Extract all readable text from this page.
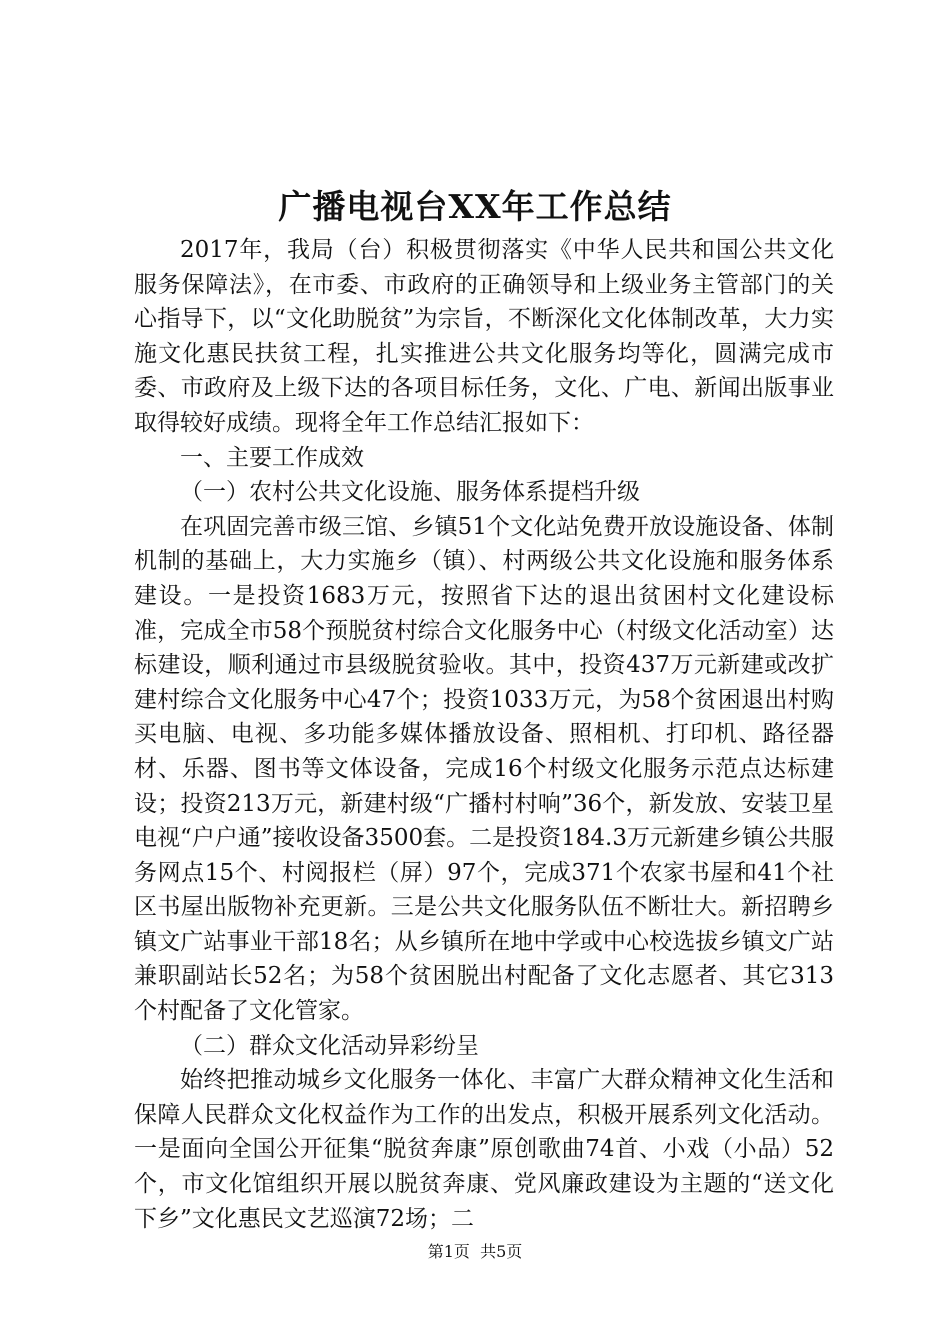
广播电视台XX年工作总结

2017年，我局（台）积极贯彻落实《中华人民共和国公共文化服务保障法》，在市委、市政府的正确领导和上级业务主管部门的关心指导下，以“文化助脱贫”为宗旨，不断深化文化体制改革，大力实施文化惠民扶贫工程，扎实推进公共文化服务均等化，圆满完成市委、市政府及上级下达的各项目标任务，文化、广电、新闻出版事业取得较好成绩。现将全年工作总结汇报如下：

一、主要工作成效

（一）农村公共文化设施、服务体系提档升级

在巩固完善市级三馆、乡镇51个文化站免费开放设施设备、体制机制的基础上，大力实施乡（镇）、村两级公共文化设施和服务体系建设。一是投资1683万元，按照省下达的退出贫困村文化建设标准，完成全市58个预脱贫村综合文化服务中心（村级文化活动室）达标建设，顺利通过市县级脱贫验收。其中，投资437万元新建或改扩建村综合文化服务中心47个；投资1033万元，为58个贫困退出村购买电脑、电视、多功能多媒体播放设备、照相机、打印机、路径器材、乐器、图书等文体设备，完成16个村级文化服务示范点达标建设；投资213万元，新建村级“广播村村响”36个，新发放、安装卫星电视“户户通”接收设备3500套。二是投资184.3万元新建乡镇公共服务网点15个、村阅报栏（屏）97个，完成371个农家书屋和41个社区书屋出版物补充更新。三是公共文化服务队伍不断壮大。新招聘乡镇文广站事业干部18名；从乡镇所在地中学或中心校选拔乡镇文广站兼职副站长52名；为58个贫困脱出村配备了文化志愿者、其它313个村配备了文化管家。

（二）群众文化活动异彩纷呈

始终把推动城乡文化服务一体化、丰富广大群众精神文化生活和保障人民群众文化权益作为工作的出发点，积极开展系列文化活动。一是面向全国公开征集“脱贫奔康”原创歌曲74首、小戏（小品）52个，市文化馆组织开展以脱贫奔康、党风廉政建设为主题的“送文化下乡”文化惠民文艺巡演72场；二

第1页 共5页
